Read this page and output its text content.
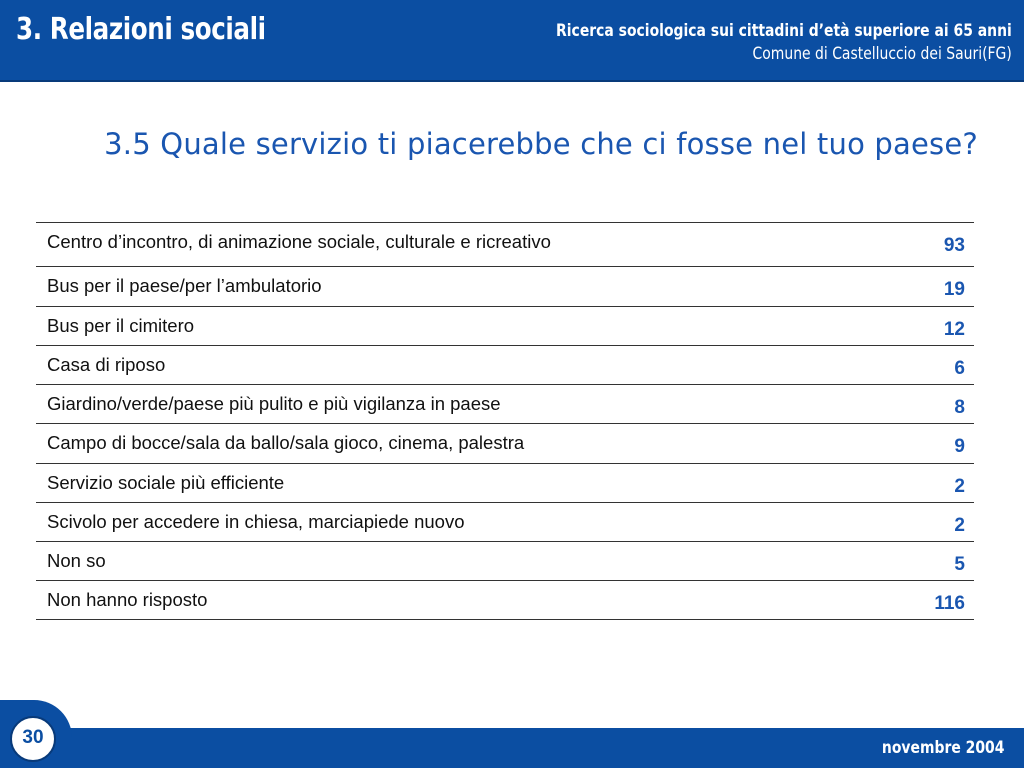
3. Relazioni sociali	Ricerca sociologica sui cittadini d’età superiore ai 65 anni
Comune di Castelluccio dei Sauri(FG)
3.5 Quale servizio ti piacerebbe che ci fosse nel tuo paese?
Centro d’incontro, di animazione sociale, culturale e ricreativo	93
Bus per il paese/per l’ambulatorio	19
Bus per il cimitero	12
Casa di riposo	6
Giardino/verde/paese più pulito e più vigilanza in paese	8
Campo di bocce/sala da ballo/sala gioco, cinema, palestra	9
Servizio sociale più efficiente	2
Scivolo per accedere in chiesa, marciapiede nuovo	2
Non so	5
Non hanno risposto	116
30	novembre 2004
